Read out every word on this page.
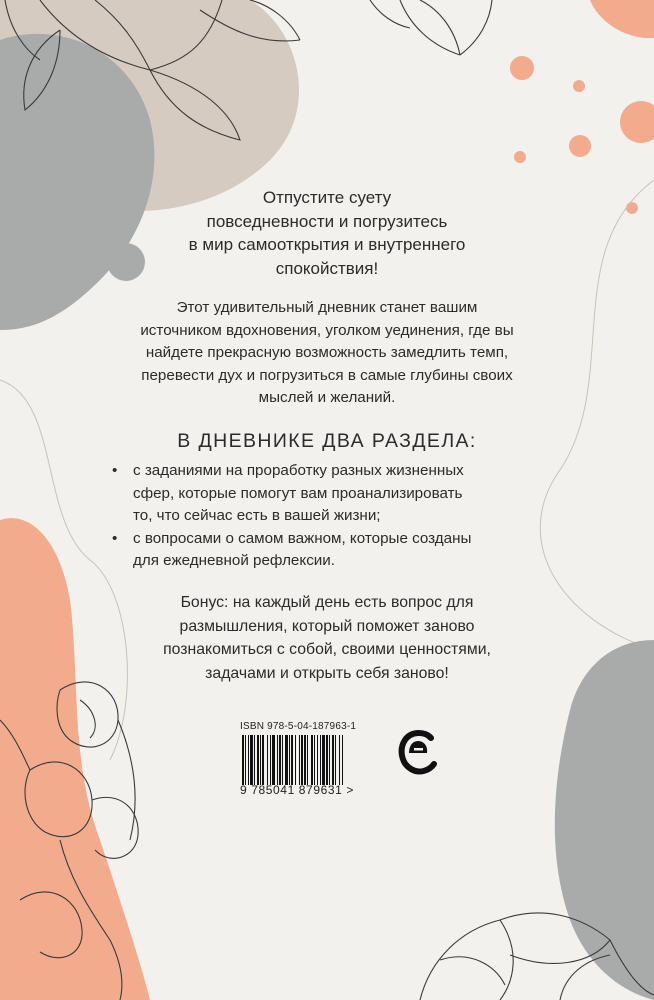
Отпустите суету
повседневности и погрузитесь
в мир самооткрытия и внутреннего
спокойствия!
Этот удивительный дневник станет вашим
источником вдохновения, уголком уединения, где вы
найдете прекрасную возможность замедлить темп,
перевести дух и погрузиться в самые глубины своих
мыслей и желаний.
В ДНЕВНИКЕ ДВА РАЗДЕЛА:
• с заданиями на проработку разных жизненных
сфер, которые помогут вам проанализировать
то, что сейчас есть в вашей жизни;
• с вопросами о самом важном, которые созданы
для ежедневной рефлексии.
Бонус: на каждый день есть вопрос для
размышления, который поможет заново
познакомиться с собой, своими ценностями,
задачами и открыть себя заново!
ISBN 978-5-04-187963-1
9 785041 879631 >
